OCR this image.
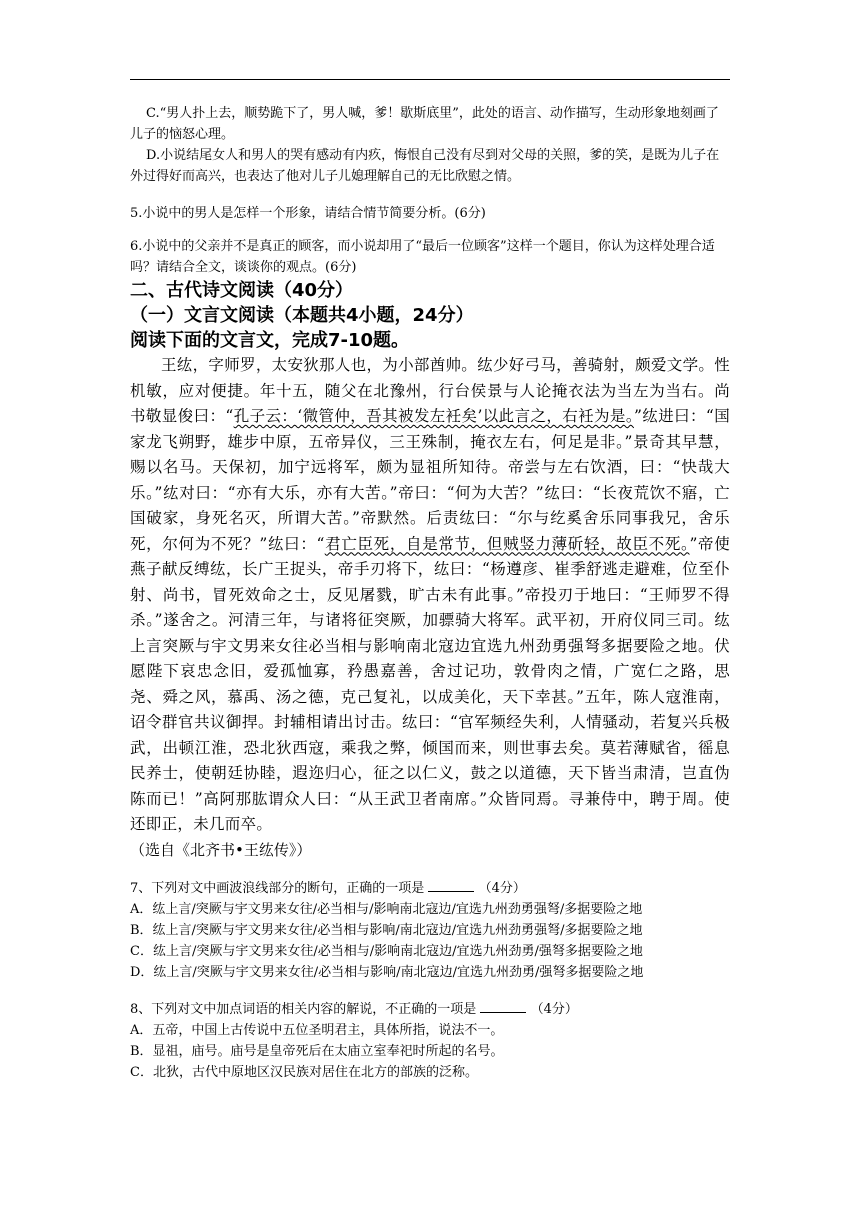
C.“男人扑上去，顺势跪下了，男人喊，爹！歇斯底里”，此处的语言、动作描写，生动形象地刻画了儿子的恼怒心理。

D.小说结尾女人和男人的哭有感动有内疚，悔恨自己没有尽到对父母的关照，爹的笑，是既为儿子在外过得好而高兴，也表达了他对儿子儿媳理解自己的无比欣慰之情。

5.小说中的男人是怎样一个形象，请结合情节简要分析。(6分)

6.小说中的父亲并不是真正的顾客，而小说却用了“最后一位顾客”这样一个题目，你认为这样处理合适吗？请结合全文，谈谈你的观点。(6分)

二、古代诗文阅读（40分）

（一）文言文阅读（本题共4小题，24分）

阅读下面的文言文，完成7-10题。

王纮，字师罗，太安狄那人也，为小部酋帅。纮少好弓马，善骑射，颇爱文学。性机敏，应对便捷。年十五，随父在北豫州，行台侯景与人论掩衣法为当左为当右。尚书敬显俊曰：“孔子云：‘微管仲，吾其被发左衽矣’以此言之，右衽为是。”纮进曰：“国家龙飞朔野，雄步中原，五帝异仪，三王殊制，掩衣左右，何足是非。”景奇其早慧，赐以名马。天保初，加宁远将军，颇为显祖所知待。帝尝与左右饮酒，曰：“快哉大乐。”纮对曰：“亦有大乐，亦有大苦。”帝曰：“何为大苦？”纮曰：“长夜荒饮不寤，亡国破家，身死名灭，所谓大苦。”帝默然。后责纮曰：“尔与纥奚舍乐同事我兄，舍乐死，尔何为不死？”纮曰：“君亡臣死，自是常节，但贼竖力薄斫轻，故臣不死。”帝使燕子献反缚纮，长广王捉头，帝手刃将下，纮曰：“杨遵彦、崔季舒逃走避难，位至仆射、尚书，冒死效命之士，反见屠戮，旷古未有此事。”帝投刃于地曰：“王师罗不得杀。”遂舍之。河清三年，与诸将征突厥，加骠骑大将军。武平初，开府仪同三司。纮上言突厥与宇文男来女往必当相与影响南北寇边宜选九州劲勇强弩多据要险之地。伏愿陛下哀忠念旧，爱孤恤寡，矜愚嘉善，舍过记功，敦骨肉之情，广宽仁之路，思尧、舜之风，慕禹、汤之德，克己复礼，以成美化，天下幸甚。”五年，陈人寇淮南，诏令群官共议御捍。封辅相请出讨击。纮曰：“官军频经失利，人情骚动，若复兴兵极武，出顿江淮，恐北狄西寇，乘我之弊，倾国而来，则世事去矣。莫若薄赋省，徭息民养士，使朝廷协睦，遐迩归心，征之以仁义，鼓之以道德，天下皆当肃清，岂直伪陈而已！”高阿那肱谓众人曰：“从王武卫者南席。”众皆同焉。寻兼侍中，聘于周。使还即正，未几而卒。

（选自《北齐书•王纮传》）

7、下列对文中画波浪线部分的断句，正确的一项是	（4分）

A．纮上言/突厥与宇文男来女往/必当相与/影响南北寇边/宜选九州劲勇强弩/多据要险之地

B．纮上言/突厥与宇文男来女往/必当相与影响/南北寇边/宜选九州劲勇强弩/多据要险之地

C．纮上言/突厥与宇文男来女往/必当相与/影响南北寇边/宜选九州劲勇/强弩多据要险之地

D．纮上言/突厥与宇文男来女往/必当相与影响/南北寇边/宜选九州劲勇/强弩多据要险之地

8、下列对文中加点词语的相关内容的解说，不正确的一项是	（4分）

A．五帝，中国上古传说中五位圣明君主，具体所指，说法不一。

B．显祖，庙号。庙号是皇帝死后在太庙立室奉祀时所起的名号。

C．北狄，古代中原地区汉民族对居住在北方的部族的泛称。
